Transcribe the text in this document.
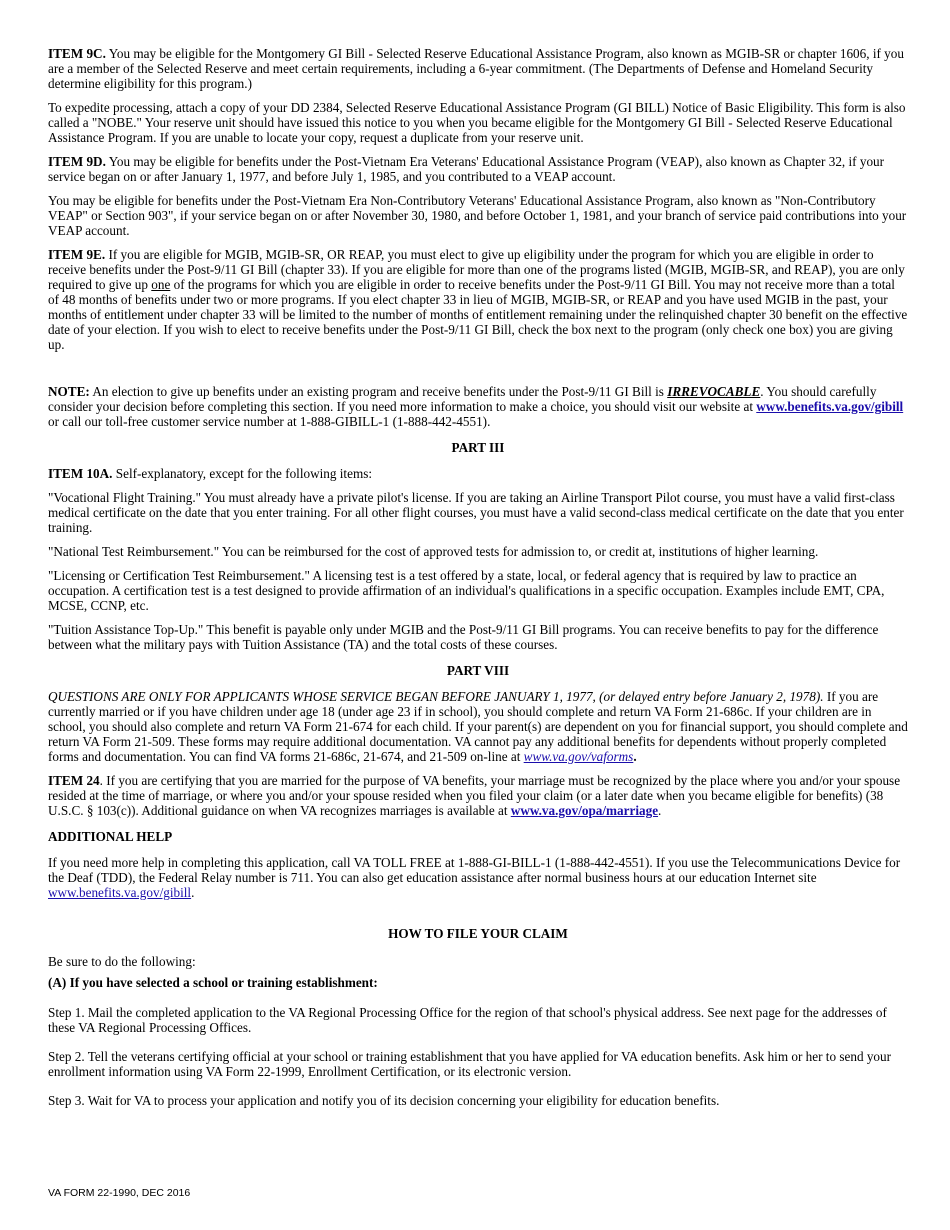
ITEM 9C. You may be eligible for the Montgomery GI Bill - Selected Reserve Educational Assistance Program, also known as MGIB-SR or chapter 1606, if you are a member of the Selected Reserve and meet certain requirements, including a 6-year commitment. (The Departments of Defense and Homeland Security determine eligibility for this program.)

To expedite processing, attach a copy of your DD 2384, Selected Reserve Educational Assistance Program (GI BILL) Notice of Basic Eligibility. This form is also called a "NOBE." Your reserve unit should have issued this notice to you when you became eligible for the Montgomery GI Bill - Selected Reserve Educational Assistance Program. If you are unable to locate your copy, request a duplicate from your reserve unit.

ITEM 9D. You may be eligible for benefits under the Post-Vietnam Era Veterans' Educational Assistance Program (VEAP), also known as Chapter 32, if your service began on or after January 1, 1977, and before July 1, 1985, and you contributed to a VEAP account.

You may be eligible for benefits under the Post-Vietnam Era Non-Contributory Veterans' Educational Assistance Program, also known as "Non-Contributory VEAP" or Section 903", if your service began on or after November 30, 1980, and before October 1, 1981, and your branch of service paid contributions into your VEAP account.

ITEM 9E. If you are eligible for MGIB, MGIB-SR, OR REAP, you must elect to give up eligibility under the program for which you are eligible in order to receive benefits under the Post-9/11 GI Bill (chapter 33). If you are eligible for more than one of the programs listed (MGIB, MGIB-SR, and REAP), you are only required to give up one of the programs for which you are eligible in order to receive benefits under the Post-9/11 GI Bill. You may not receive more than a total of 48 months of benefits under two or more programs. If you elect chapter 33 in lieu of MGIB, MGIB-SR, or REAP and you have used MGIB in the past, your months of entitlement under chapter 33 will be limited to the number of months of entitlement remaining under the relinquished chapter 30 benefit on the effective date of your election. If you wish to elect to receive benefits under the Post-9/11 GI Bill, check the box next to the program (only check one box) you are giving up.

NOTE: An election to give up benefits under an existing program and receive benefits under the Post-9/11 GI Bill is IRREVOCABLE. You should carefully consider your decision before completing this section. If you need more information to make a choice, you should visit our website at www.benefits.va.gov/gibill or call our toll-free customer service number at 1-888-GIBILL-1 (1-888-442-4551).

PART III

ITEM 10A. Self-explanatory, except for the following items:

"Vocational Flight Training." You must already have a private pilot's license. If you are taking an Airline Transport Pilot course, you must have a valid first-class medical certificate on the date that you enter training. For all other flight courses, you must have a valid second-class medical certificate on the date that you enter training.

"National Test Reimbursement." You can be reimbursed for the cost of approved tests for admission to, or credit at, institutions of higher learning.

"Licensing or Certification Test Reimbursement." A licensing test is a test offered by a state, local, or federal agency that is required by law to practice an occupation. A certification test is a test designed to provide affirmation of an individual's qualifications in a specific occupation. Examples include EMT, CPA, MCSE, CCNP, etc.

"Tuition Assistance Top-Up." This benefit is payable only under MGIB and the Post-9/11 GI Bill programs. You can receive benefits to pay for the difference between what the military pays with Tuition Assistance (TA) and the total costs of these courses.

PART VIII

QUESTIONS ARE ONLY FOR APPLICANTS WHOSE SERVICE BEGAN BEFORE JANUARY 1, 1977, (or delayed entry before January 2, 1978). If you are currently married or if you have children under age 18 (under age 23 if in school), you should complete and return VA Form 21-686c. If your children are in school, you should also complete and return VA Form 21-674 for each child. If your parent(s) are dependent on you for financial support, you should complete and return VA Form 21-509. These forms may require additional documentation. VA cannot pay any additional benefits for dependents without properly completed forms and documentation. You can find VA forms 21-686c, 21-674, and 21-509 on-line at www.va.gov/vaforms.

ITEM 24. If you are certifying that you are married for the purpose of VA benefits, your marriage must be recognized by the place where you and/or your spouse resided at the time of marriage, or where you and/or your spouse resided when you filed your claim (or a later date when you became eligible for benefits) (38 U.S.C. § 103(c)). Additional guidance on when VA recognizes marriages is available at www.va.gov/opa/marriage.

ADDITIONAL HELP

If you need more help in completing this application, call VA TOLL FREE at 1-888-GI-BILL-1 (1-888-442-4551). If you use the Telecommunications Device for the Deaf (TDD), the Federal Relay number is 711. You can also get education assistance after normal business hours at our education Internet site www.benefits.va.gov/gibill.

HOW TO FILE YOUR CLAIM

Be sure to do the following:

(A) If you have selected a school or training establishment:

Step 1. Mail the completed application to the VA Regional Processing Office for the region of that school's physical address. See next page for the addresses of these VA Regional Processing Offices.

Step 2. Tell the veterans certifying official at your school or training establishment that you have applied for VA education benefits. Ask him or her to send your enrollment information using VA Form 22-1999, Enrollment Certification, or its electronic version.

Step 3. Wait for VA to process your application and notify you of its decision concerning your eligibility for education benefits.

VA FORM 22-1990, DEC 2016
